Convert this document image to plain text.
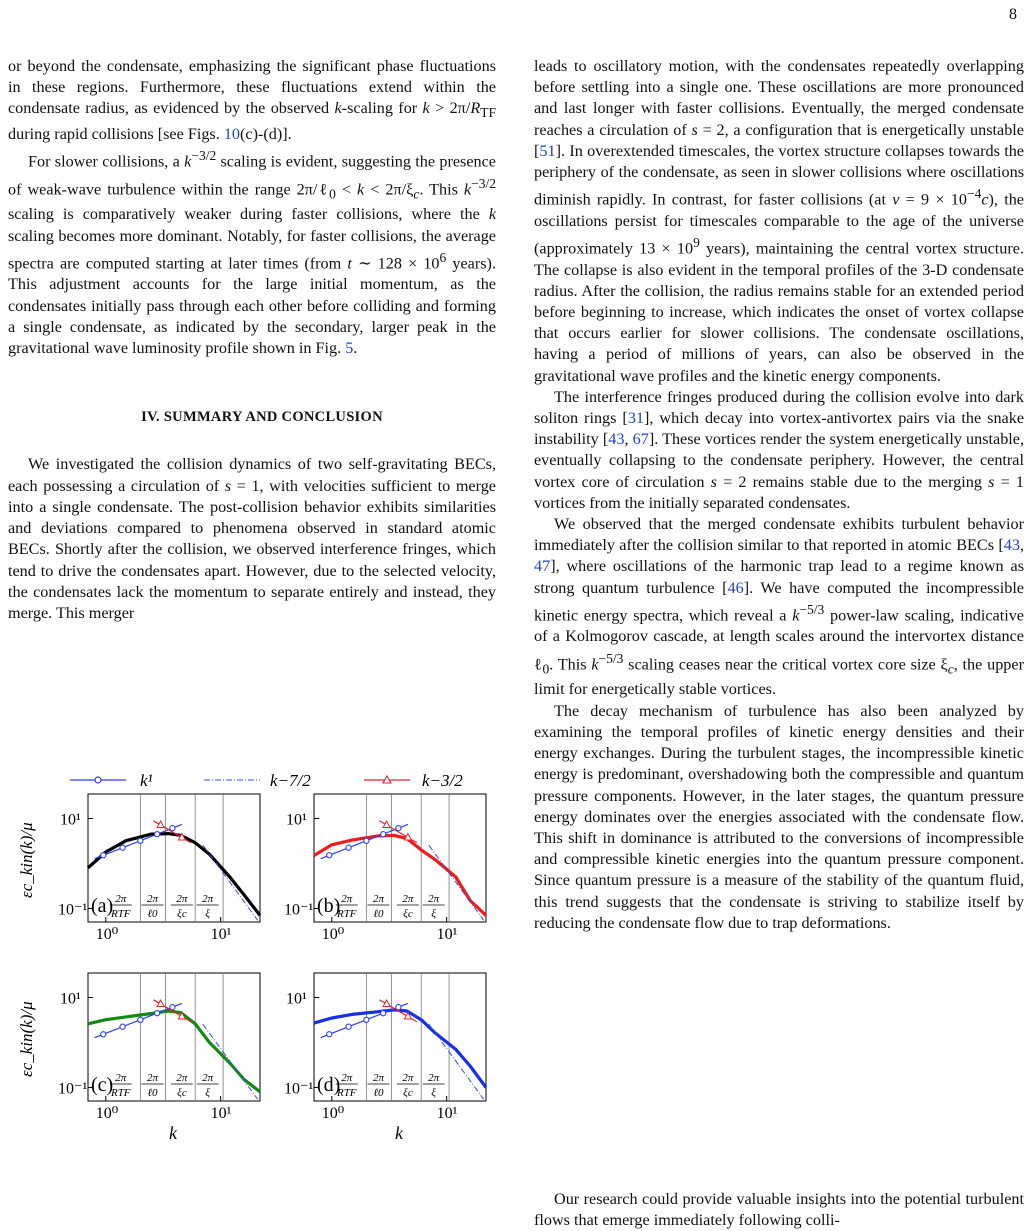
8

or beyond the condensate, emphasizing the significant phase fluctuations in these regions. Furthermore, these fluctuations extend within the condensate radius, as evidenced by the observed k-scaling for $k > 2\pi/R_{TF}$ during rapid collisions [see Figs. 10(c)-(d)].

For slower collisions, a $k^{-3/2}$ scaling is evident, suggesting the presence of weak-wave turbulence within the range 2π/ℓ$_0$ < $k < 2\pi/\xi_c$. This $k^{-3/2}$ scaling is comparatively weaker during faster collisions, where the k scaling becomes more dominant. Notably, for faster collisions, the average spectra are computed starting at later times (from t ∼ $128 \times 10^6$ years). This adjustment accounts for the large initial momentum, as the condensates initially pass through each other before colliding and forming a single condensate, as indicated by the secondary, larger peak in the gravitational wave luminosity profile shown in Fig. 5.

IV. SUMMARY AND CONCLUSION

We investigated the collision dynamics of two self-gravitating BECs, each possessing a circulation of s = 1, with velocities sufficient to merge into a single condensate. The post-collision behavior exhibits similarities and deviations compared to phenomena observed in standard atomic BECs. Shortly after the collision, we observed interference fringes, which tend to drive the condensates apart. However, due to the selected velocity, the condensates lack the momentum to separate entirely and instead, they merge. This merger

leads to oscillatory motion, with the condensates repeatedly overlapping before settling into a single one. These oscillations are more pronounced and last longer with faster collisions. Eventually, the merged condensate reaches a circulation of s = 2, a configuration that is energetically unstable [51]. In overextended timescales, the vortex structure collapses towards the periphery of the condensate, as seen in slower collisions where oscillations diminish rapidly. In contrast, for faster collisions (at $v = 9 \times 10^{-4}c$), the oscillations persist for timescales comparable to the age of the universe (approximately $13 \times 10^9$ years), maintaining the central vortex structure. The collapse is also evident in the temporal profiles of the 3-D condensate radius. After the collision, the radius remains stable for an extended period before beginning to increase, which indicates the onset of vortex collapse that occurs earlier for slower collisions. The condensate oscillations, having a period of millions of years, can also be observed in the gravitational wave profiles and the kinetic energy components.

The interference fringes produced during the collision evolve into dark soliton rings [31], which decay into vortex-antivortex pairs via the snake instability [43, 67]. These vortices render the system energetically unstable, eventually collapsing to the condensate periphery. However, the central vortex core of circulation s = 2 remains stable due to the merging s = 1 vortices from the initially separated condensates.

We observed that the merged condensate exhibits turbulent behavior immediately after the collision similar to that reported in atomic BECs [43, 47], where oscillations of the harmonic trap lead to a regime known as strong quantum turbulence [46]. We have computed the incompressible kinetic energy spectra, which reveal a $k^{-5/3}$ power-law scaling, indicative of a Kolmogorov cascade, at length scales around the intervortex distance ℓ$_0$. This $k^{-5/3}$ scaling ceases near the critical vortex core size $\xi_c$, the upper limit for energetically stable vortices.

The decay mechanism of turbulence has also been analyzed by examining the temporal profiles of kinetic energy densities and their energy exchanges. During the turbulent stages, the incompressible kinetic energy is predominant, overshadowing both the compressible and quantum pressure components. However, in the later stages, the quantum pressure energy dominates over the energies associated with the condensate flow. This shift in dominance is attributed to the conversions of incompressible and compressible kinetic energies into the quantum pressure component. Since quantum pressure is a measure of the stability of the quantum fluid, this trend suggests that the condensate is striving to stabilize itself by reducing the condensate flow due to trap deformations.

Our research could provide valuable insights into the potential turbulent flows that emerge immediately following colli-
k¹	k−7/2	k−3/2
10¹
10⁻¹
10⁰	10¹
(a) 2π
RTF
2π
ℓ0
2π
ξc
2π
ξ
εc_kin(k)/μ
10¹
10⁻¹
10⁰	10¹
(b) 2π
RTF
2π
ℓ0
2π
ξc
2π
ξ
10¹
10⁻¹
10⁰	10¹
(c) 2π
RTF
2π
ℓ0
2π
ξc
2π
ξ
εc_kin(k)/μ
k
10¹
10⁻¹
10⁰	10¹
(d) 2π
RTF
2π
ℓ0
2π
ξc
2π
ξ
k
